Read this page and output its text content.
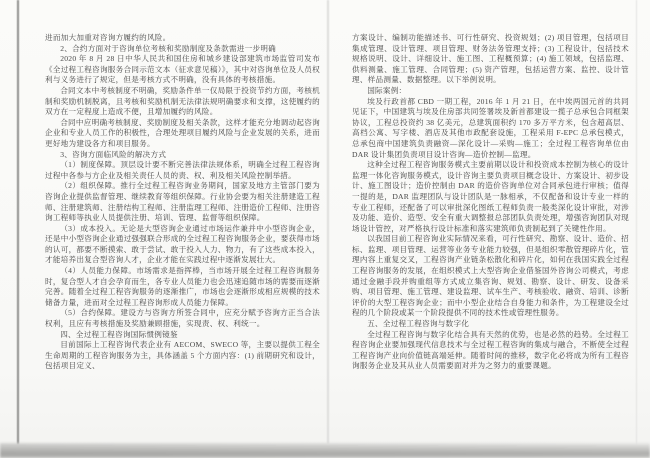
进而加大加重对咨询方履约的风险。

2、合约方面对于咨询单位考核和奖励制度及条款需进一步明确

2020 年 8 月 28 日中华人民共和国住房和城乡建设部建筑市场监管司发布《全过程工程咨询服务合同示范文本（征求意见稿）》，其中对咨询单位及人员权利与义务进行了规定，但是考核方式不明确，没有具体的考核措施。

合同文本中考核制度不明确，奖励条件单一仅局限于投资节约方面，考核机制和奖励机制脱离，且考核和奖励机制无法律法规明确要求和支撑，这使履约的双方在一定程度上造成不便，且增加履约的风险。

合同中应明确考核制度、奖励制度及相关条款，这样才能充分地调动起咨询企业和专业人员工作的积极性，合理处理项目履约风险与企业发展的关系，进而更好地为建设各方和项目服务。

3、咨询方面临风险的解决方式

（1）制度保障。顶层设计要不断完善法律法规体系，明确全过程工程咨询过程中各参与方企业及相关责任人员的责、权、利及相关风险控制举措。

（2）组织保障。推行全过程工程咨询业务期间，国家及地方主管部门要为咨询企业提供监督管理、继续教育等组织保障。行业协会要为相关注册建造工程师、注册建筑师、注册结构工程师、注册监理工程师、注册造价工程师、注册咨询工程师等执业人员提供注册、培训、管理、监督等组织保障。

（3）成本投入。无论是大型咨询企业通过市场运作兼并中小型咨询企业，还是中小型咨询企业通过强强联合形成的全过程工程咨询服务企业，要获得市场的认可，都要不断摸索、敢于尝试、敢于投入人力、物力，有了这些成本投入，才能培养出复合型咨询人才，企业才能在实践过程中逐渐发展壮大。

（4）人员能力保障。市场需求是指挥棒，当市场开展全过程工程咨询服务时，复合型人才自会孕育而生，各专业人员能力也会迅速追随市场的需要而逐渐完善。随着全过程工程咨询服务的逐渐推广，市场也会逐渐形成相应规模的技术储备力量，进而对全过程工程咨询形成人员能力保障。

（5）合约保障。建设方与咨询方所签合同中，应充分赋予咨询方正当合法权利，且应有考核措施及奖励兼顾措施，实现责、权、利统一。

四、全过程工程咨询国际惯例镜鉴

目前国际上工程咨询代表企业有 AECOM、SWECO 等，主要以提供工程全生命周期的工程咨询服务为主，具体涵盖 5 个方面内容：(1) 前期研究和设计，包括项目定义、

方案设计、编制功能描述书、可行性研究、投资规划；(2) 项目管理，包括项目集成管理、设计管理、项目管理、财务法务管理支持；(3) 工程设计，包括技术规格说明、设计、详细设计、施工图、工程概预算；(4) 施工领域，包括监理、供料测量、施工管理、合同管理；(5) 资产管理，包括运营方案、监控、设计管理、样品测量、数据整理。以下举例说明。

国际案例：

埃及行政首都 CBD 一期工程，2016 年 1 月 21 日，在中埃两国元首的共同见证下，中国建筑与埃及住房部共同签署埃及新首都建设一揽子总承包合同框架协议，工程总投资约 38 亿美元，总建筑面积约 170 多万平方米，包含超高层、高档公寓、写字楼、酒店及其他市政配套设施，工程采用 F-EPC 总承包模式，总承包商中国建筑负责融资—深化设计—采购—施工；全过程工程咨询单位由 DAR 设计集团负责项目设计咨询—造价控制—监理。

这种全过程工程咨询服务模式主要前期以设计和投资成本控制为核心的设计监理一体化咨询服务模式，设计咨询主要负责项目概念设计、方案设计、初步设计、施工图设计；造价控制由 DAR 的造价咨询单位对合同承包进行审核；值得一提的是，DAR 监理团队与设计团队是一脉相承，不仅配备和设计专业一样的专业工程师，还配备了可以审批深化图纸工程师负责一般类深化设计审批，对涉及功能、造价、造型、安全有重大调整报总部团队负责处理，增强咨询团队对现场设计管控，对严格执行设计标准和落实建筑师负责制起到了关键性作用。

以我国目前工程咨询业实际情况来看，可行性研究、勘察、设计、造价、招标、监理、项目管理、运营等业务专业能力较强，但是组织零散管理碎片化，管理内容上重复交叉，工程咨询产业链条松散化和碎片化，如何在我国实践全过程工程咨询服务的发展，在组织模式上大型咨询企业借鉴国外咨询公司模式，考虑通过金融手段并购重组等方式成立集咨询、规划、勘察、设计、研发、设备采购、项目管理、施工管理、建设监理、试车生产、考核验收、融资、培训、诊断评价的大型工程咨询企业；而中小型企业结合自身能力和条件，为工程建设全过程的几个阶段或某一个阶段提供不同的技术性或管理性服务。

五、全过程工程咨询与数字化

全过程工程咨询与数字化结合具有天然的优势，也是必然的趋势。全过程工程咨询企业要加强现代信息技术与全过程工程咨询的集成与融合，不断使全过程工程咨询产业向价值链高端延伸。随着时间的推移，数字化必将成为所有工程咨询服务企业及其从业人员需要面对并为之努力的重要课题。
